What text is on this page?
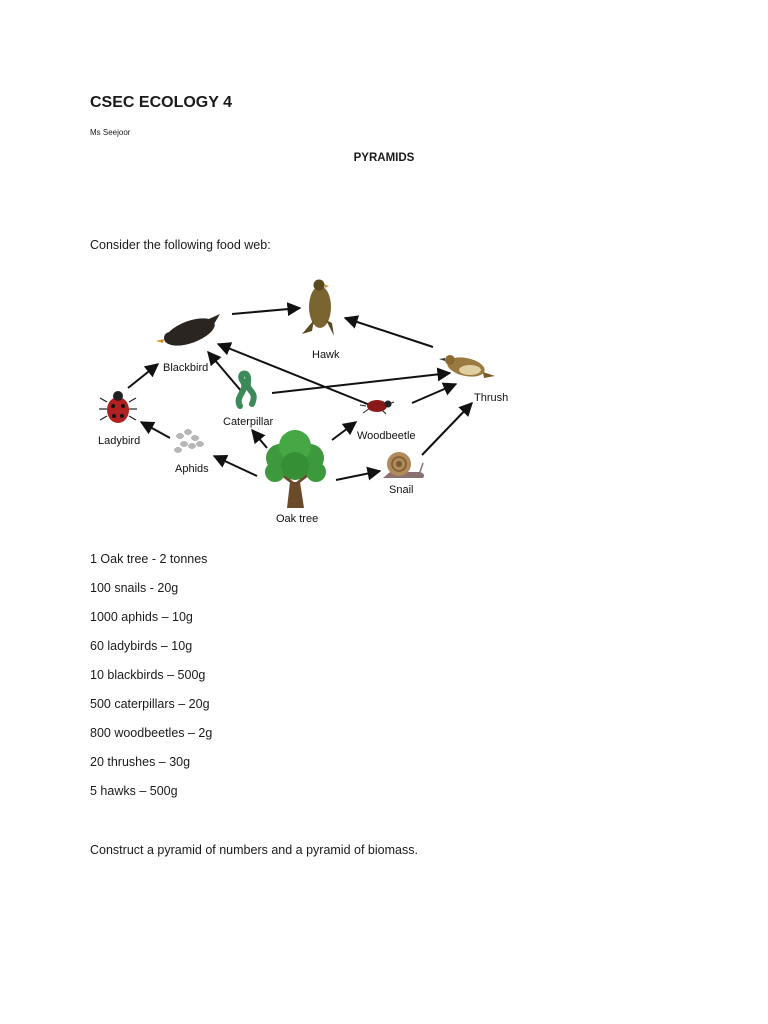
CSEC ECOLOGY 4
Ms Seejoor
PYRAMIDS
Consider the following food web:
Hawk
Blackbird
Thrush
Ladybird
Caterpillar
Woodbeetle
Aphids
Snail
Oak tree
1 Oak tree - 2 tonnes
100 snails - 20g
1000 aphids – 10g
60 ladybirds – 10g
10 blackbirds – 500g
500 caterpillars – 20g
800 woodbeetles – 2g
20 thrushes – 30g
5 hawks – 500g
Construct a pyramid of numbers and a pyramid of biomass.
